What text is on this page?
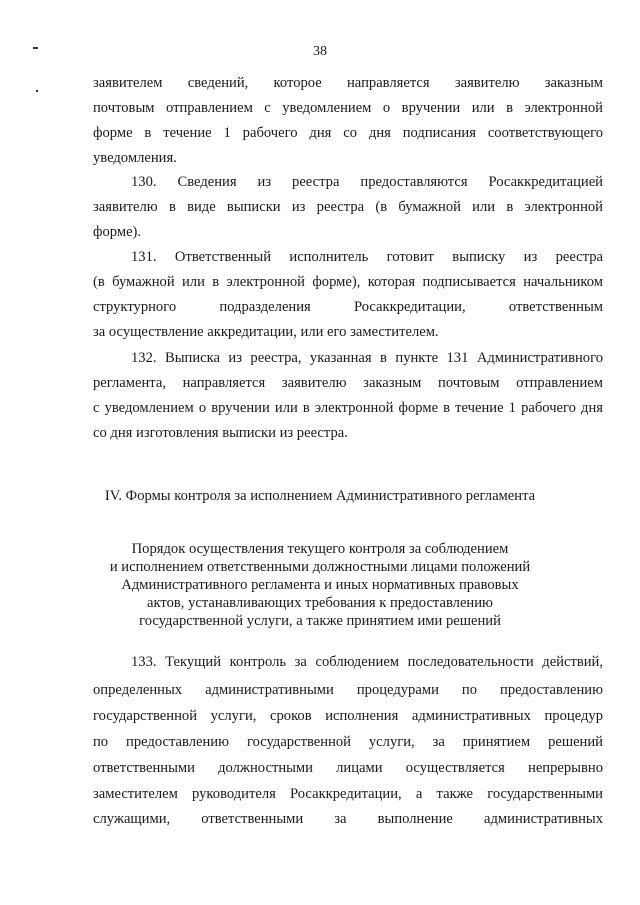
38
заявителем сведений, которое направляется заявителю заказным
почтовым отправлением с уведомлением о вручении или в электронной
форме в течение 1 рабочего дня со дня подписания соответствующего
уведомления.
130. Сведения из реестра предоставляются Росаккредитацией
заявителю в виде выписки из реестра (в бумажной или в электронной
форме).
131. Ответственный исполнитель готовит выписку из реестра
(в бумажной или в электронной форме), которая подписывается начальником
структурного подразделения Росаккредитации, ответственным
за осуществление аккредитации, или его заместителем.
132. Выписка из реестра, указанная в пункте 131 Административного
регламента, направляется заявителю заказным почтовым отправлением
с уведомлением о вручении или в электронной форме в течение 1 рабочего дня
со дня изготовления выписки из реестра.
IV. Формы контроля за исполнением Административного регламента
Порядок осуществления текущего контроля за соблюдением
и исполнением ответственными должностными лицами положений
Административного регламента и иных нормативных правовых
актов, устанавливающих требования к предоставлению
государственной услуги, а также принятием ими решений
133. Текущий контроль за соблюдением последовательности действий,
определенных административными процедурами по предоставлению
государственной услуги, сроков исполнения административных процедур
по предоставлению государственной услуги, за принятием решений
ответственными должностными лицами осуществляется непрерывно
заместителем руководителя Росаккредитации, а также государственными
служащими, ответственными за выполнение административных
